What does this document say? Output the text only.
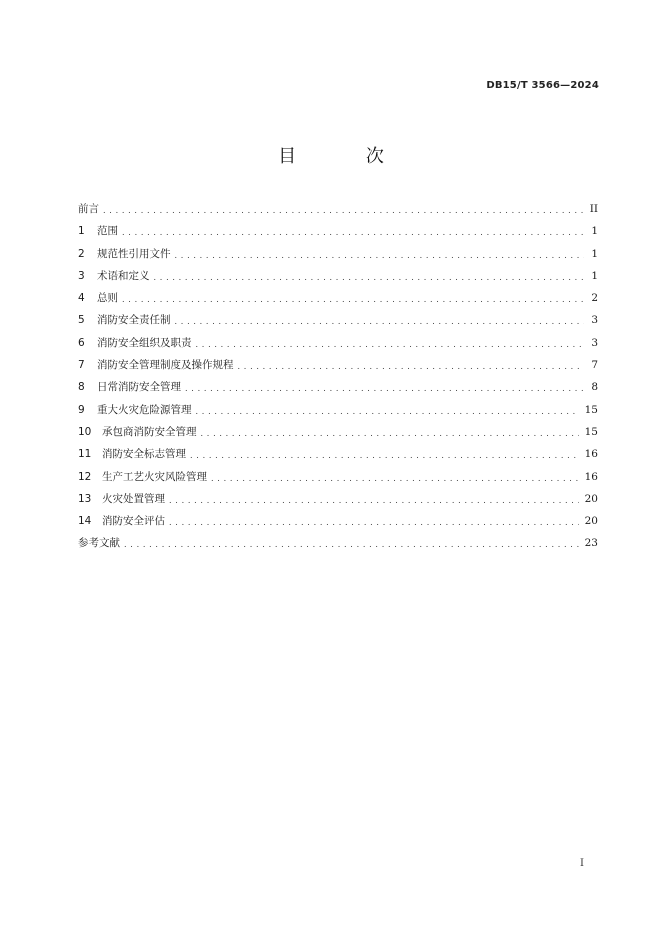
DB15/T 3566—2024
目 次
前言 . . .	II
1	范围 . . .	1
2	规范性引用文件 . . .	1
3	术语和定义 . . .	1
4	总则 . . .	2
5	消防安全责任制 . . .	3
6	消防安全组织及职责 . . .	3
7	消防安全管理制度及操作规程 . . .	7
8	日常消防安全管理 . . .	8
9	重大火灾危险源管理 . . .	15
10	承包商消防安全管理 . . .	15
11	消防安全标志管理 . . .	16
12	生产工艺火灾风险管理 . . .	16
13	火灾处置管理 . . .	20
14	消防安全评估 . . .	20
参考文献 . . .	23
I
